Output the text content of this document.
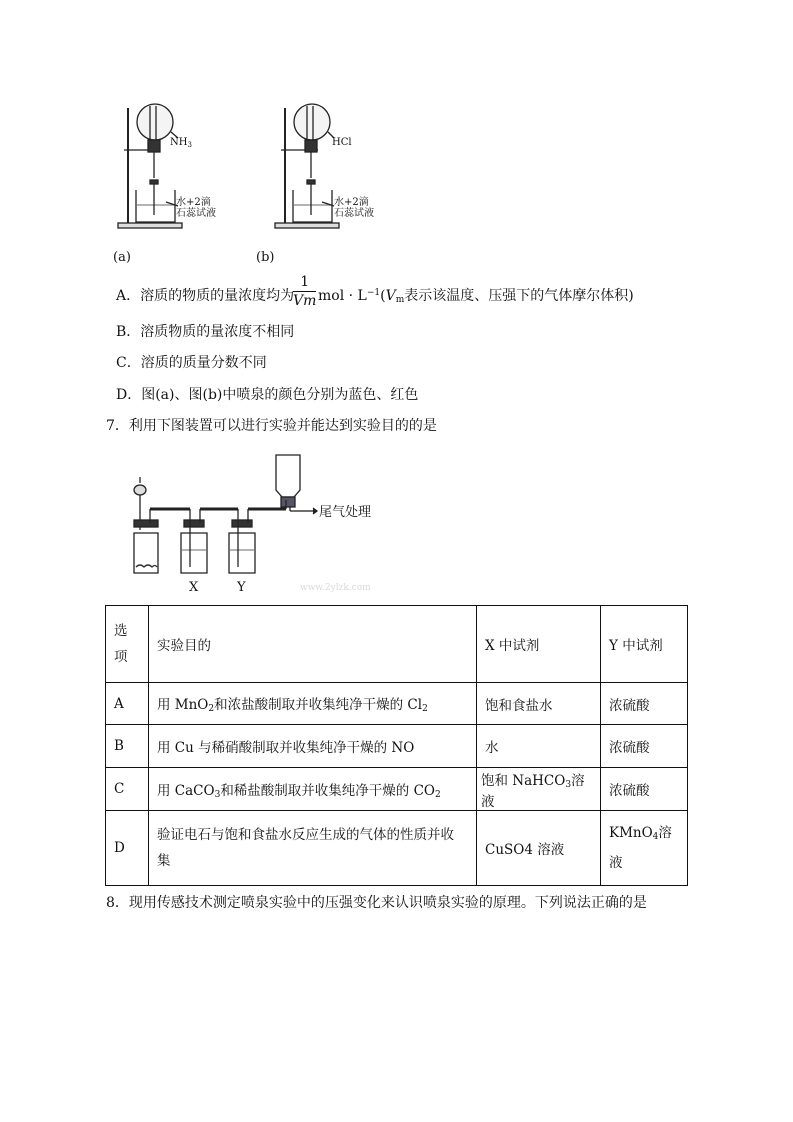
$NH_3$
水+2滴
石蕊试液
HCl
水+2滴
石蕊试液
(a)	(b)
A．溶质的物质的量浓度均为
$\frac{1}{Vm}$ mol · $L^{-1}(V_m$表示该温度、压强下的气体摩尔体积)
B．溶质物质的量浓度不相同
C．溶质的质量分数不同
D．图(a)、图(b)中喷泉的颜色分别为蓝色、红色
7．利用下图装置可以进行实验并能达到实验目的的是
尾气处理
X	Y	www.2ylzk.com
选
项	实验目的	X 中试剂	Y 中试剂
A	用 MnO$_2$和浓盐酸制取并收集纯净干燥的 $Cl_2$	饱和食盐水	浓硫酸
B	用 Cu 与稀硝酸制取并收集纯净干燥的 NO	水	浓硫酸
C	用 CaCO$_3$和稀盐酸制取并收集纯净干燥的 $CO_2$	饱和 NaHCO$_3$溶液	浓硫酸
D	验证电石与饱和食盐水反应生成的气体的性质并收
集	CuSO4 溶液	KMnO$_4$溶
液
8．现用传感技术测定喷泉实验中的压强变化来认识喷泉实验的原理。下列说法正确的是
